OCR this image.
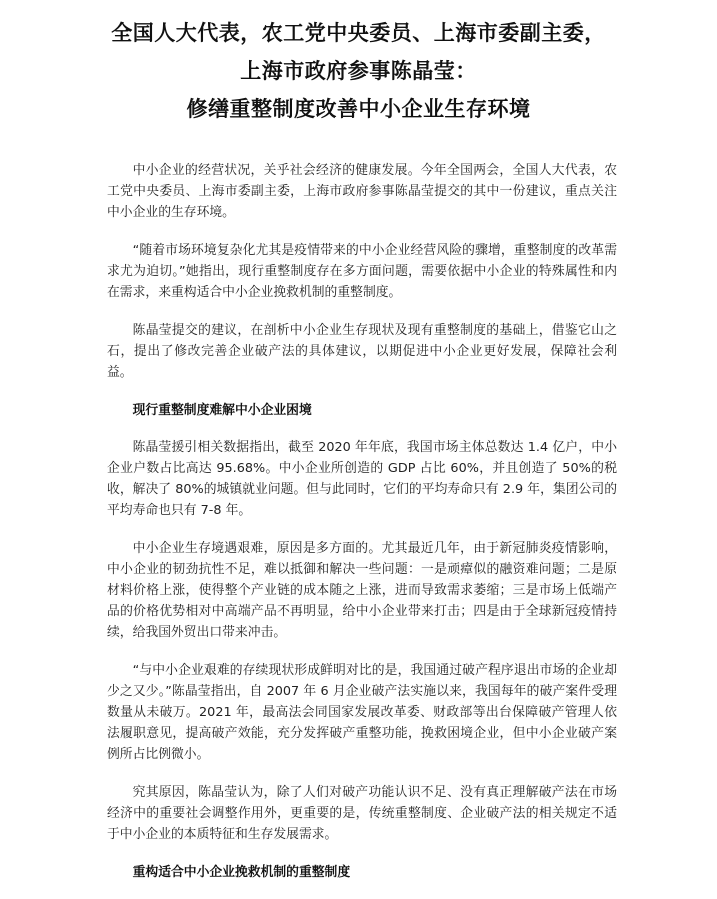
全国人大代表，农工党中央委员、上海市委副主委，
上海市政府参事陈晶莹：
修缮重整制度改善中小企业生存环境

中小企业的经营状况，关乎社会经济的健康发展。今年全国两会，全国人大代表，农工党中央委员、上海市委副主委，上海市政府参事陈晶莹提交的其中一份建议，重点关注中小企业的生存环境。

“随着市场环境复杂化尤其是疫情带来的中小企业经营风险的骤增，重整制度的改革需求尤为迫切。”她指出，现行重整制度存在多方面问题，需要依据中小企业的特殊属性和内在需求，来重构适合中小企业挽救机制的重整制度。

陈晶莹提交的建议，在剖析中小企业生存现状及现有重整制度的基础上，借鉴它山之石，提出了修改完善企业破产法的具体建议，以期促进中小企业更好发展，保障社会利益。

现行重整制度难解中小企业困境

陈晶莹援引相关数据指出，截至 2020 年年底，我国市场主体总数达 1.4 亿户，中小企业户数占比高达 95.68%。中小企业所创造的 GDP 占比 60%，并且创造了 50%的税收，解决了 80%的城镇就业问题。但与此同时，它们的平均寿命只有 2.9 年，集团公司的平均寿命也只有 7-8 年。

中小企业生存境遇艰难，原因是多方面的。尤其最近几年，由于新冠肺炎疫情影响，中小企业的韧劲抗性不足，难以抵御和解决一些问题：一是顽瘴似的融资难问题；二是原材料价格上涨，使得整个产业链的成本随之上涨，进而导致需求萎缩；三是市场上低端产品的价格优势相对中高端产品不再明显，给中小企业带来打击；四是由于全球新冠疫情持续，给我国外贸出口带来冲击。

“与中小企业艰难的存续现状形成鲜明对比的是，我国通过破产程序退出市场的企业却少之又少。”陈晶莹指出，自 2007 年 6 月企业破产法实施以来，我国每年的破产案件受理数量从未破万。2021 年，最高法会同国家发展改革委、财政部等出台保障破产管理人依法履职意见，提高破产效能，充分发挥破产重整功能，挽救困境企业，但中小企业破产案例所占比例微小。

究其原因，陈晶莹认为，除了人们对破产功能认识不足、没有真正理解破产法在市场经济中的重要社会调整作用外，更重要的是，传统重整制度、企业破产法的相关规定不适于中小企业的本质特征和生存发展需求。

重构适合中小企业挽救机制的重整制度
